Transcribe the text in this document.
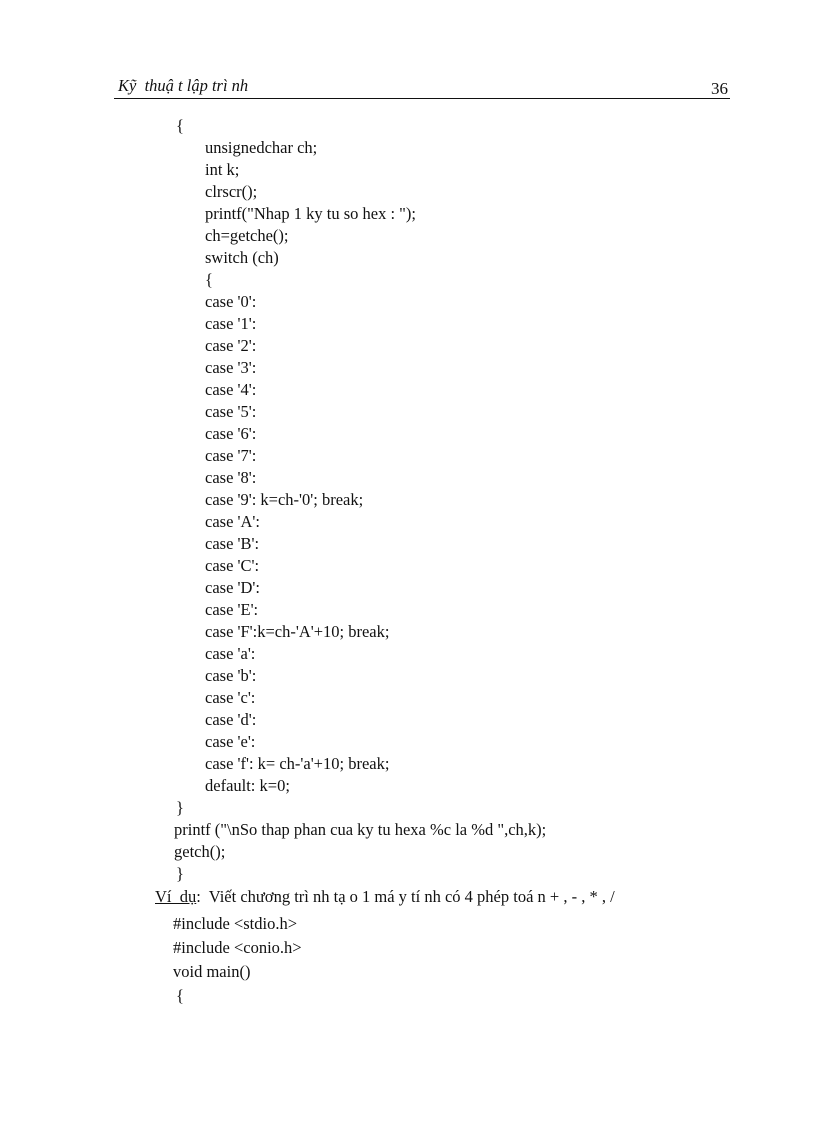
Kỹ  thuậ t lập trì nh	36
{
unsignedchar ch;
int k;
clrscr();
printf("Nhap 1 ky tu so hex : ");
ch=getche();
switch (ch)
{
case '0':
case '1':
case '2':
case '3':
case '4':
case '5':
case '6':
case '7':
case '8':
case '9': k=ch-'0'; break;
case 'A':
case 'B':
case 'C':
case 'D':
case 'E':
case 'F':k=ch-'A'+10; break;
case 'a':
case 'b':
case 'c':
case 'd':
case 'e':
case 'f': k= ch-'a'+10; break;
default: k=0;
}
printf ("\nSo thap phan cua ky tu hexa %c la %d ",ch,k);
getch();
}
Ví  dụ:  Viết chương trì nh tạ o 1 má y tí nh có 4 phép toá n + , - , * , /
#include <stdio.h>
#include <conio.h>
void main()
{
